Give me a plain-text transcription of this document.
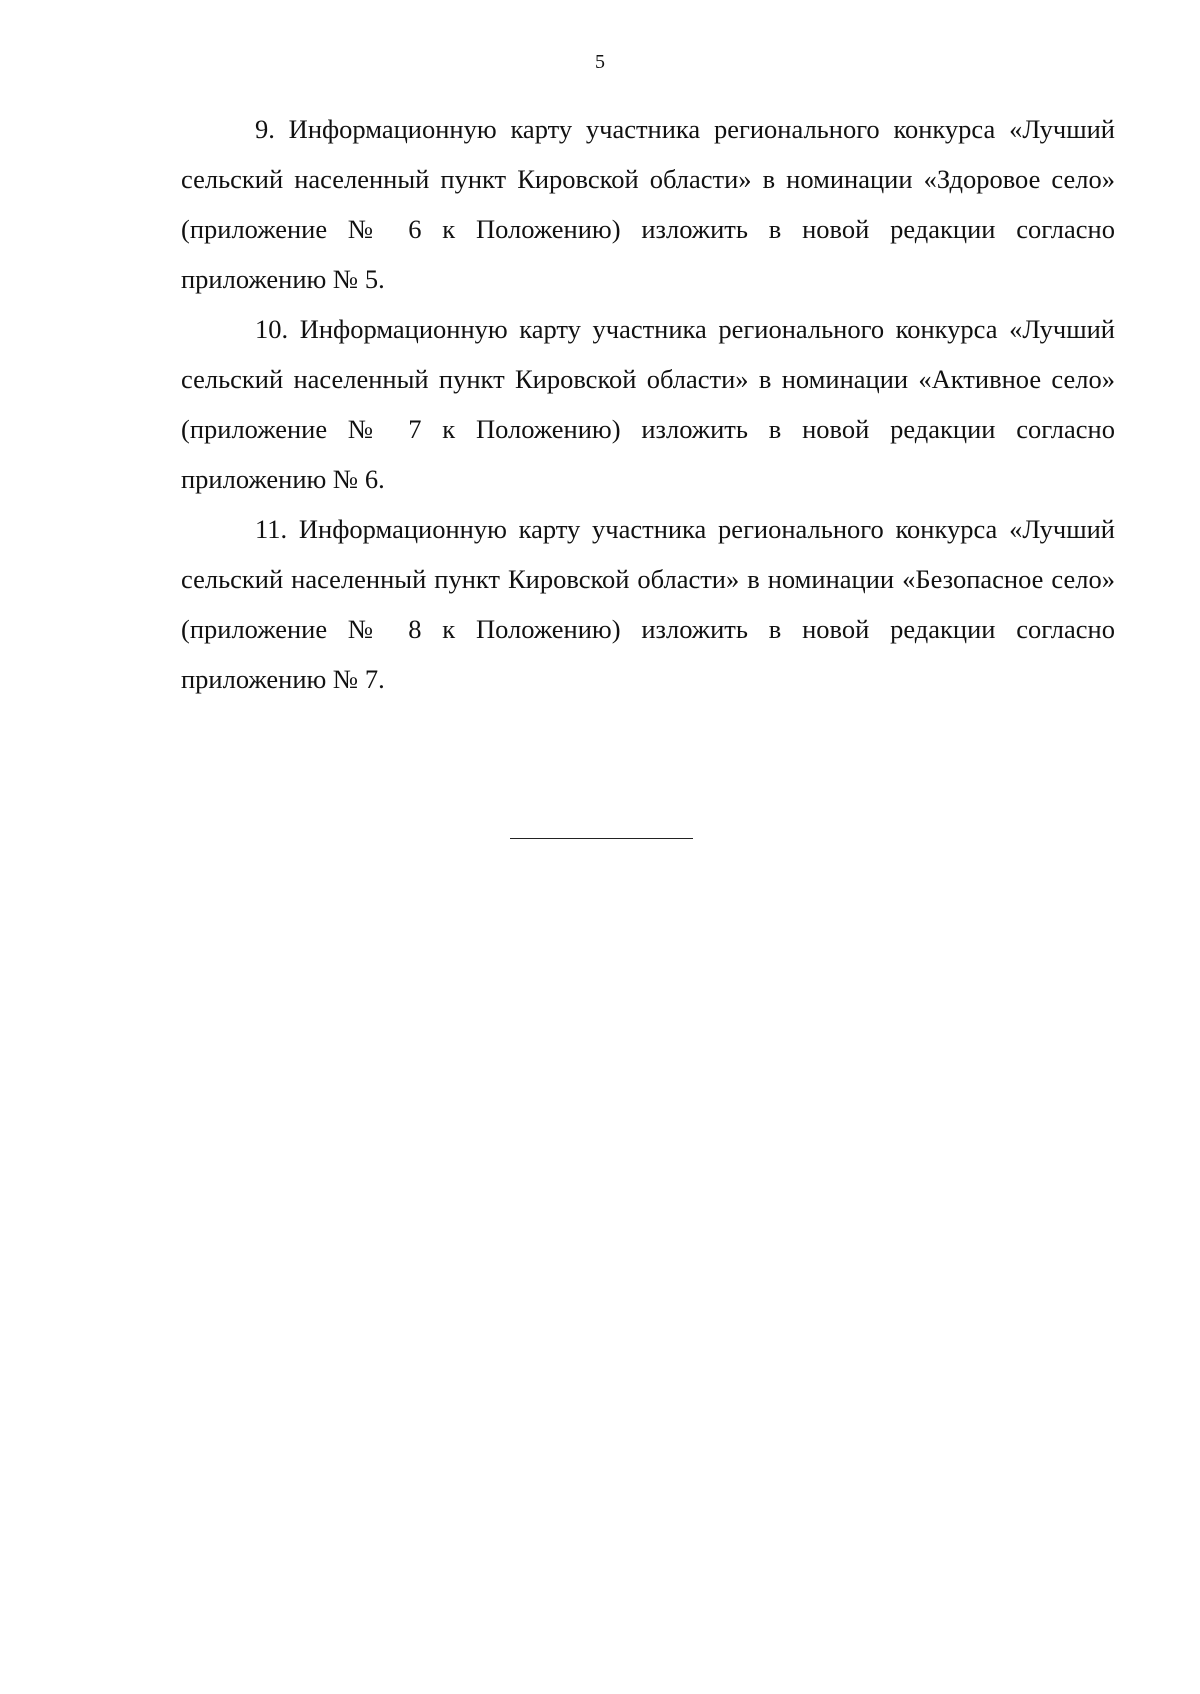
5

9. Информационную карту участника регионального конкурса «Лучший сельский населенный пункт Кировской области» в номинации «Здоровое село» (приложение № 6 к Положению) изложить в новой редакции согласно приложению № 5.

10. Информационную карту участника регионального конкурса «Лучший сельский населенный пункт Кировской области» в номинации «Активное село» (приложение № 7 к Положению) изложить в новой редакции согласно приложению № 6.

11. Информационную карту участника регионального конкурса «Лучший сельский населенный пункт Кировской области» в номинации «Безопасное село» (приложение № 8 к Положению) изложить в новой редакции согласно приложению № 7.
